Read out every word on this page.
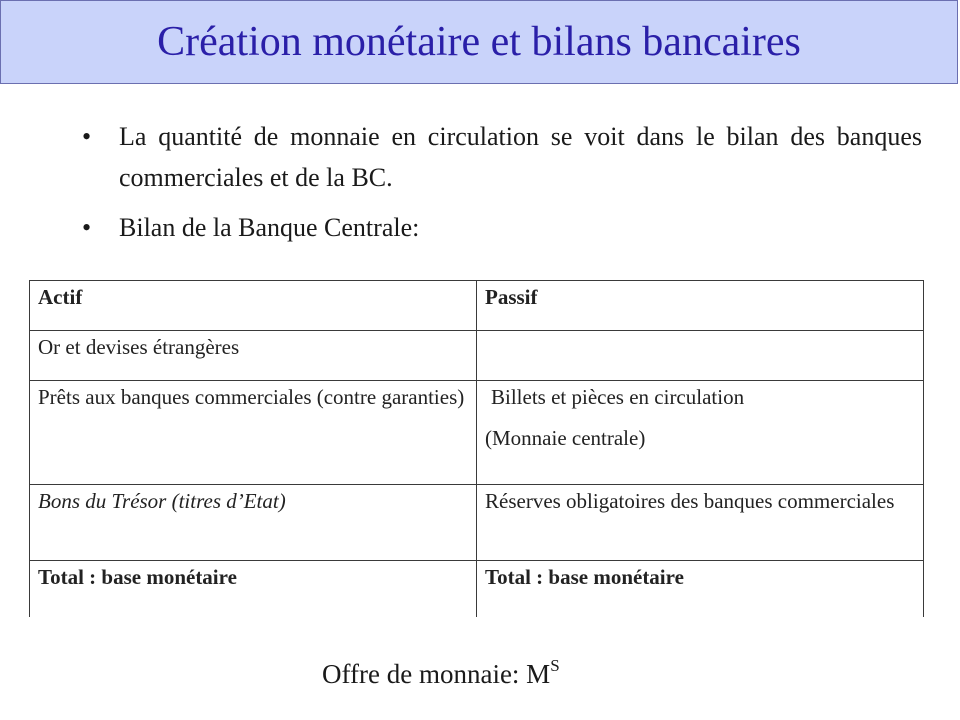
Création monétaire et bilans bancaires
• La quantité de monnaie en circulation se voit dans le bilan des banques commerciales et de la BC.
• Bilan de la Banque Centrale:
Actif	Passif
Or et devises étrangères	
Prêts aux banques commerciales (contre garanties)	Billets et pièces en circulation
(Monnaie centrale)

Bons du Trésor (titres d’Etat)	Réserves obligatoires des banques commerciales
Total : base monétaire	Total : base monétaire
Offre de monnaie: $M^S$
